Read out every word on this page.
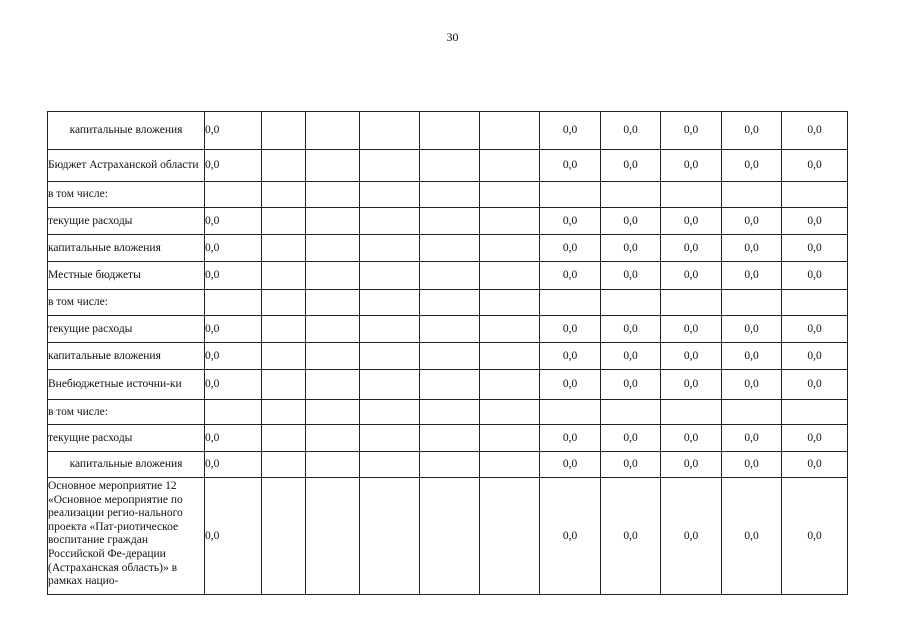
30
капитальные вложения	0,0						0,0	0,0	0,0	0,0	0,0
Бюджет Астраханской области	0,0						0,0	0,0	0,0	0,0	0,0
в том числе:											
текущие расходы	0,0						0,0	0,0	0,0	0,0	0,0
капитальные вложения	0,0						0,0	0,0	0,0	0,0	0,0
Местные бюджеты	0,0						0,0	0,0	0,0	0,0	0,0
в том числе:											
текущие расходы	0,0						0,0	0,0	0,0	0,0	0,0
капитальные вложения	0,0						0,0	0,0	0,0	0,0	0,0
Внебюджетные источни-ки	0,0						0,0	0,0	0,0	0,0	0,0
в том числе:											
текущие расходы	0,0						0,0	0,0	0,0	0,0	0,0
капитальные вложения	0,0						0,0	0,0	0,0	0,0	0,0
Основное мероприятие 12 «Основное мероприятие по реализации регио-нального проекта «Пат-риотическое воспитание граждан Российской Фе-дерации (Астраханская область)» в рамках нацио-	0,0						0,0	0,0	0,0	0,0	0,0
